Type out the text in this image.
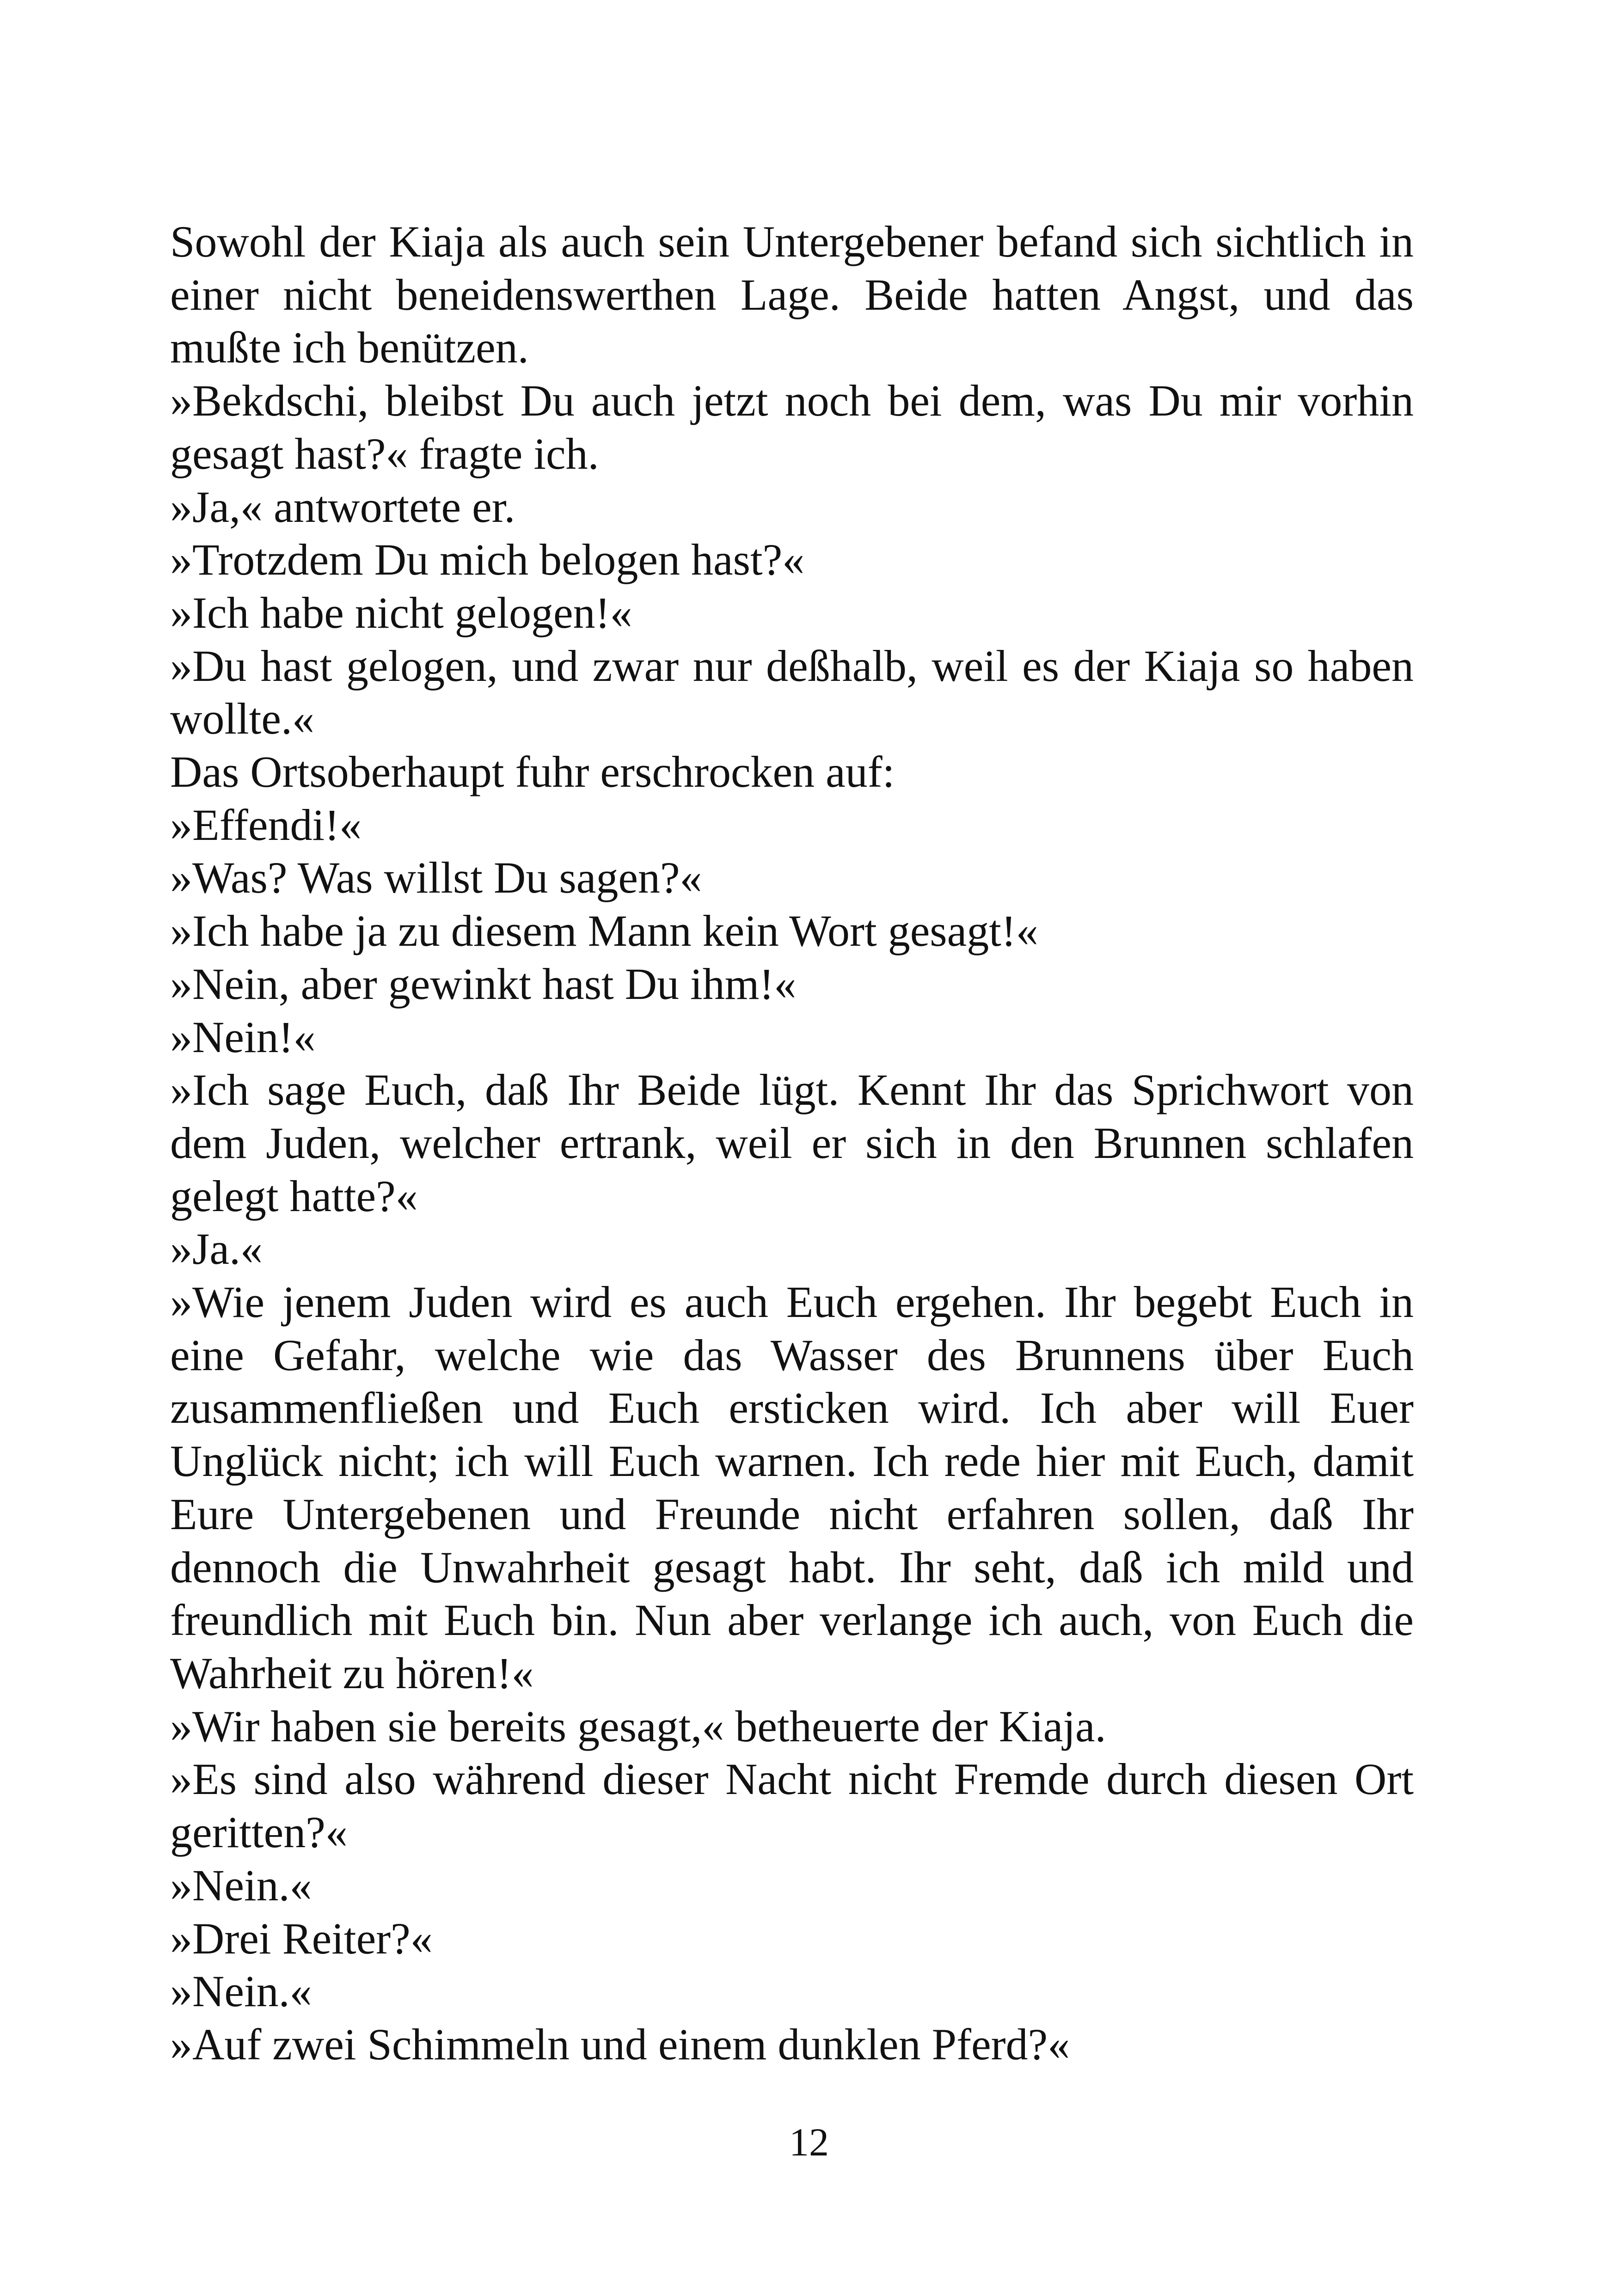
Sowohl der Kiaja als auch sein Untergebener befand sich sichtlich in einer nicht beneidenswerthen Lage. Beide hatten Angst, und das mußte ich benützen.

»Bekdschi, bleibst Du auch jetzt noch bei dem, was Du mir vorhin gesagt hast?« fragte ich.

»Ja,« antwortete er.

»Trotzdem Du mich belogen hast?«

»Ich habe nicht gelogen!«

»Du hast gelogen, und zwar nur deßhalb, weil es der Kiaja so haben wollte.«

Das Ortsoberhaupt fuhr erschrocken auf:

»Effendi!«

»Was? Was willst Du sagen?«

»Ich habe ja zu diesem Mann kein Wort gesagt!«

»Nein, aber gewinkt hast Du ihm!«

»Nein!«

»Ich sage Euch, daß Ihr Beide lügt. Kennt Ihr das Sprichwort von dem Juden, welcher ertrank, weil er sich in den Brunnen schlafen gelegt hatte?«

»Ja.«

»Wie jenem Juden wird es auch Euch ergehen. Ihr begebt Euch in eine Gefahr, welche wie das Wasser des Brunnens über Euch zusammenfließen und Euch ersticken wird. Ich aber will Euer Unglück nicht; ich will Euch warnen. Ich rede hier mit Euch, damit Eure Untergebenen und Freunde nicht erfahren sollen, daß Ihr dennoch die Unwahrheit gesagt habt. Ihr seht, daß ich mild und freundlich mit Euch bin. Nun aber verlange ich auch, von Euch die Wahrheit zu hören!«

»Wir haben sie bereits gesagt,« betheuerte der Kiaja.

»Es sind also während dieser Nacht nicht Fremde durch diesen Ort geritten?«

»Nein.«

»Drei Reiter?«

»Nein.«

»Auf zwei Schimmeln und einem dunklen Pferd?«

12
